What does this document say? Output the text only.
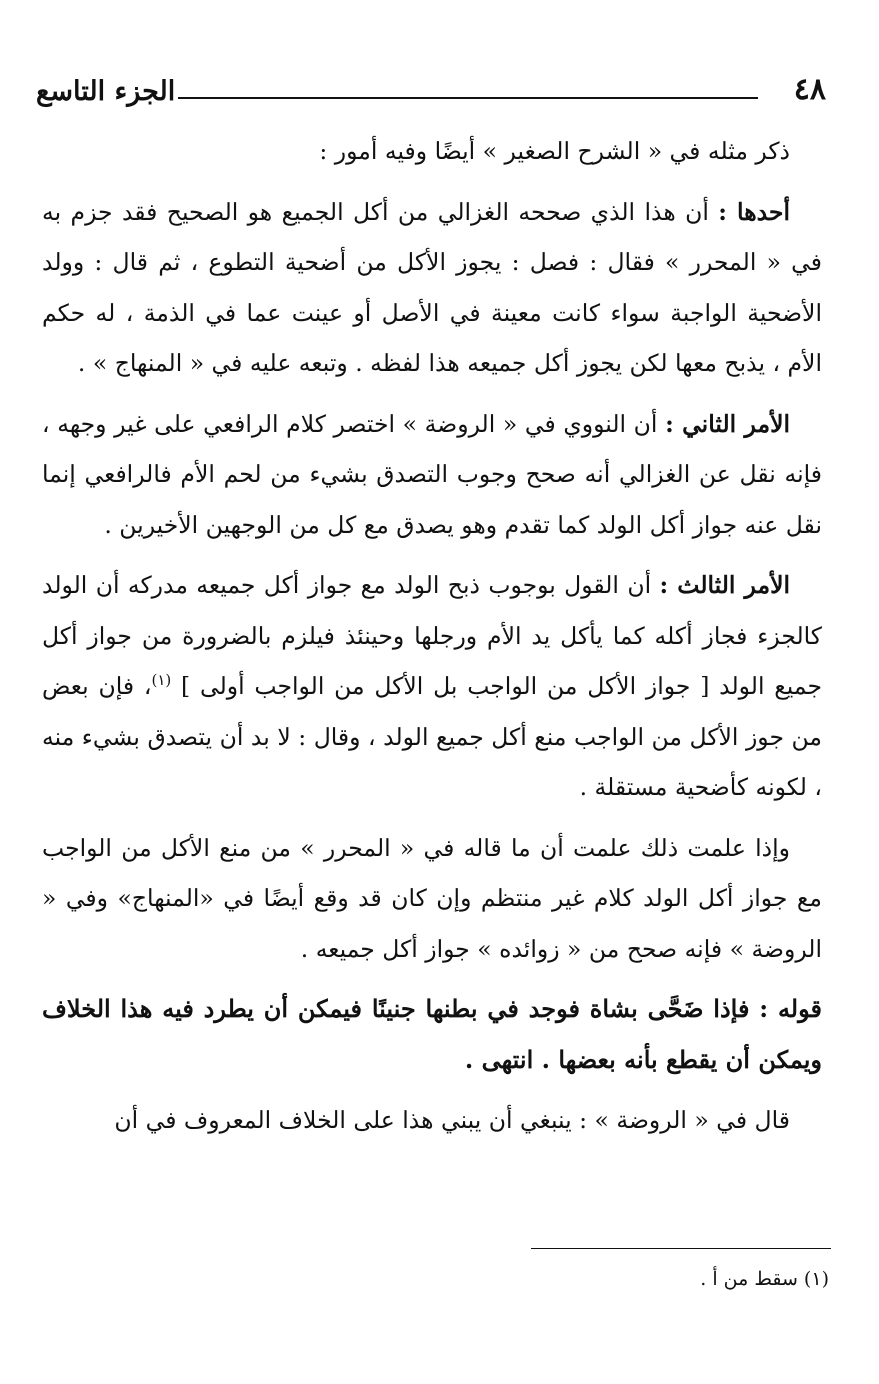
٤٨
الجزء التاسع

ذكر مثله في « الشرح الصغير » أيضًا وفيه أمور :

أحدها : أن هذا الذي صححه الغزالي من أكل الجميع هو الصحيح فقد جزم به في « المحرر » فقال : فصل : يجوز الأكل من أضحية التطوع ، ثم قال : وولد الأضحية الواجبة سواء كانت معينة في الأصل أو عينت عما في الذمة ، له حكم الأم ، يذبح معها لكن يجوز أكل جميعه هذا لفظه . وتبعه عليه في « المنهاج » .

الأمر الثاني : أن النووي في « الروضة » اختصر كلام الرافعي على غير وجهه ، فإنه نقل عن الغزالي أنه صحح وجوب التصدق بشيء من لحم الأم فالرافعي إنما نقل عنه جواز أكل الولد كما تقدم وهو يصدق مع كل من الوجهين الأخيرين .

الأمر الثالث : أن القول بوجوب ذبح الولد مع جواز أكل جميعه مدركه أن الولد كالجزء فجاز أكله كما يأكل يد الأم ورجلها وحينئذ فيلزم بالضرورة من جواز أكل جميع الولد [ جواز الأكل من الواجب بل الأكل من الواجب أولى ] $^{(١)}$، فإن بعض من جوز الأكل من الواجب منع أكل جميع الولد ، وقال : لا بد أن يتصدق بشيء منه ، لكونه كأضحية مستقلة .

وإذا علمت ذلك علمت أن ما قاله في « المحرر » من منع الأكل من الواجب مع جواز أكل الولد كلام غير منتظم وإن كان قد وقع أيضًا في «المنهاج» وفي « الروضة » فإنه صحح من « زوائده » جواز أكل جميعه .

قوله : فإذا ضَحَّى بشاة فوجد في بطنها جنينًا فيمكن أن يطرد فيه هذا الخلاف ويمكن أن يقطع بأنه بعضها . انتهى .

قال في « الروضة » : ينبغي أن يبني هذا على الخلاف المعروف في أن

(١) سقط من أ .
